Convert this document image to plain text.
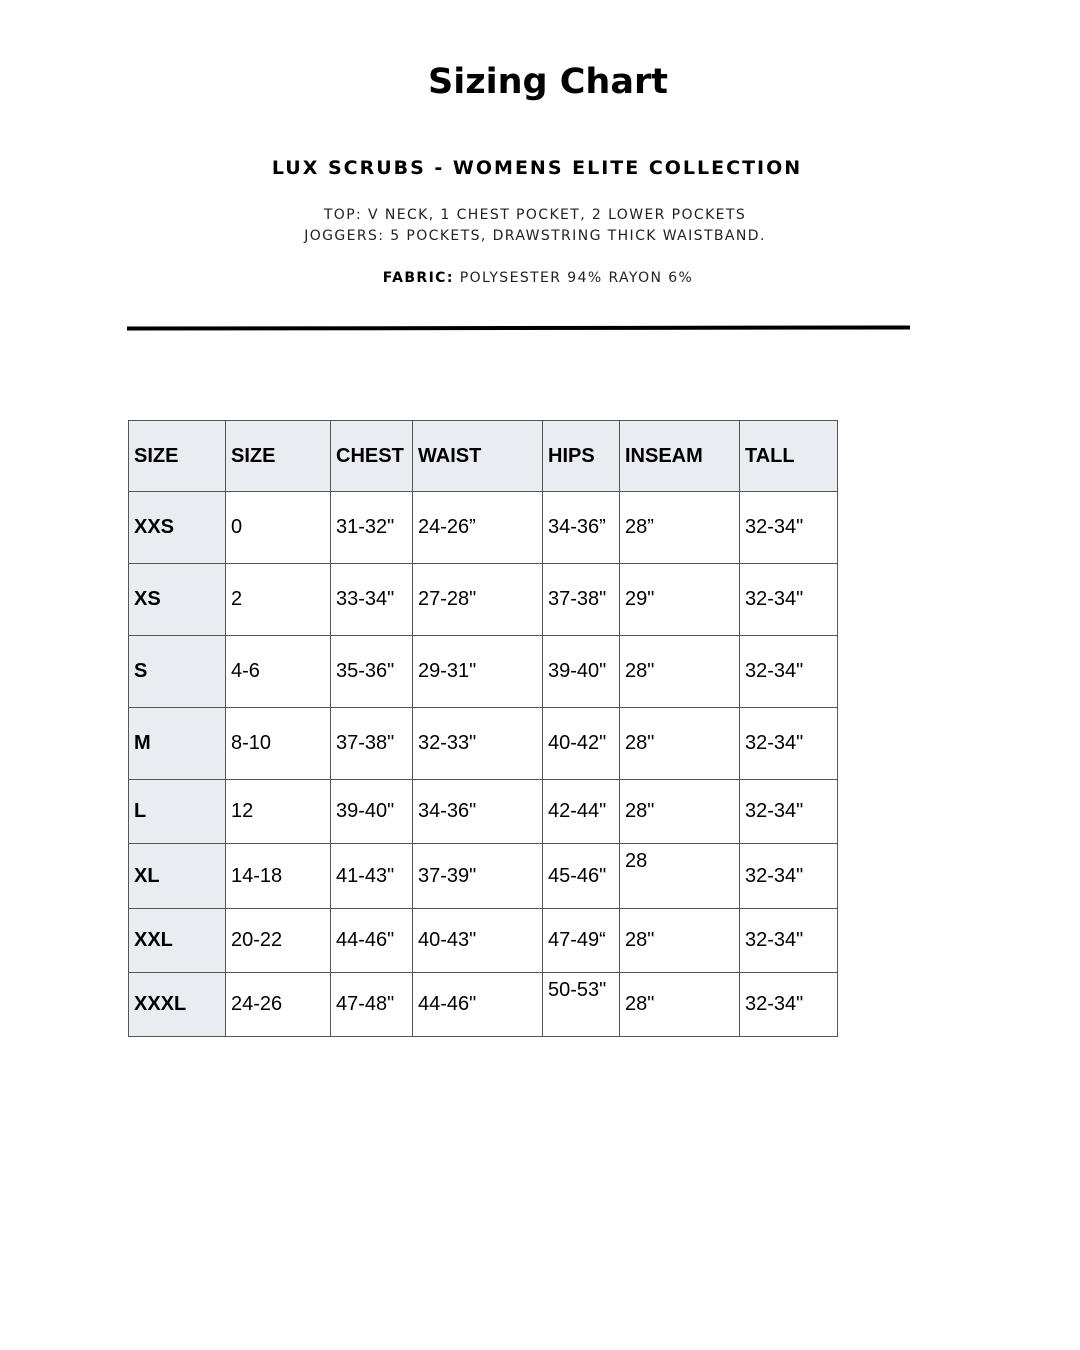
Sizing Chart
LUX SCRUBS - WOMENS ELITE COLLECTION
TOP: V NECK, 1 CHEST POCKET, 2 LOWER POCKETS
JOGGERS: 5 POCKETS, DRAWSTRING THICK WAISTBAND.
FABRIC: POLYSESTER 94% RAYON 6%
SIZE	SIZE	CHEST	WAIST	HIPS	INSEAM	TALL
XXS	0	31-32"	24-26”	34-36”	28”	32-34"
XS	2	33-34"	27-28"	37-38"	29"	32-34"
S	4-6	35-36"	29-31"	39-40"	28"	32-34"
M	8-10	37-38"	32-33"	40-42"	28"	32-34"
L	12	39-40"	34-36"	42-44"	28"	32-34"
XL	14-18	41-43"	37-39"	45-46"	28	32-34"
XXL	20-22	44-46"	40-43"	47-49“	28"	32-34"
XXXL	24-26	47-48"	44-46"	50-53"	28"	32-34"
